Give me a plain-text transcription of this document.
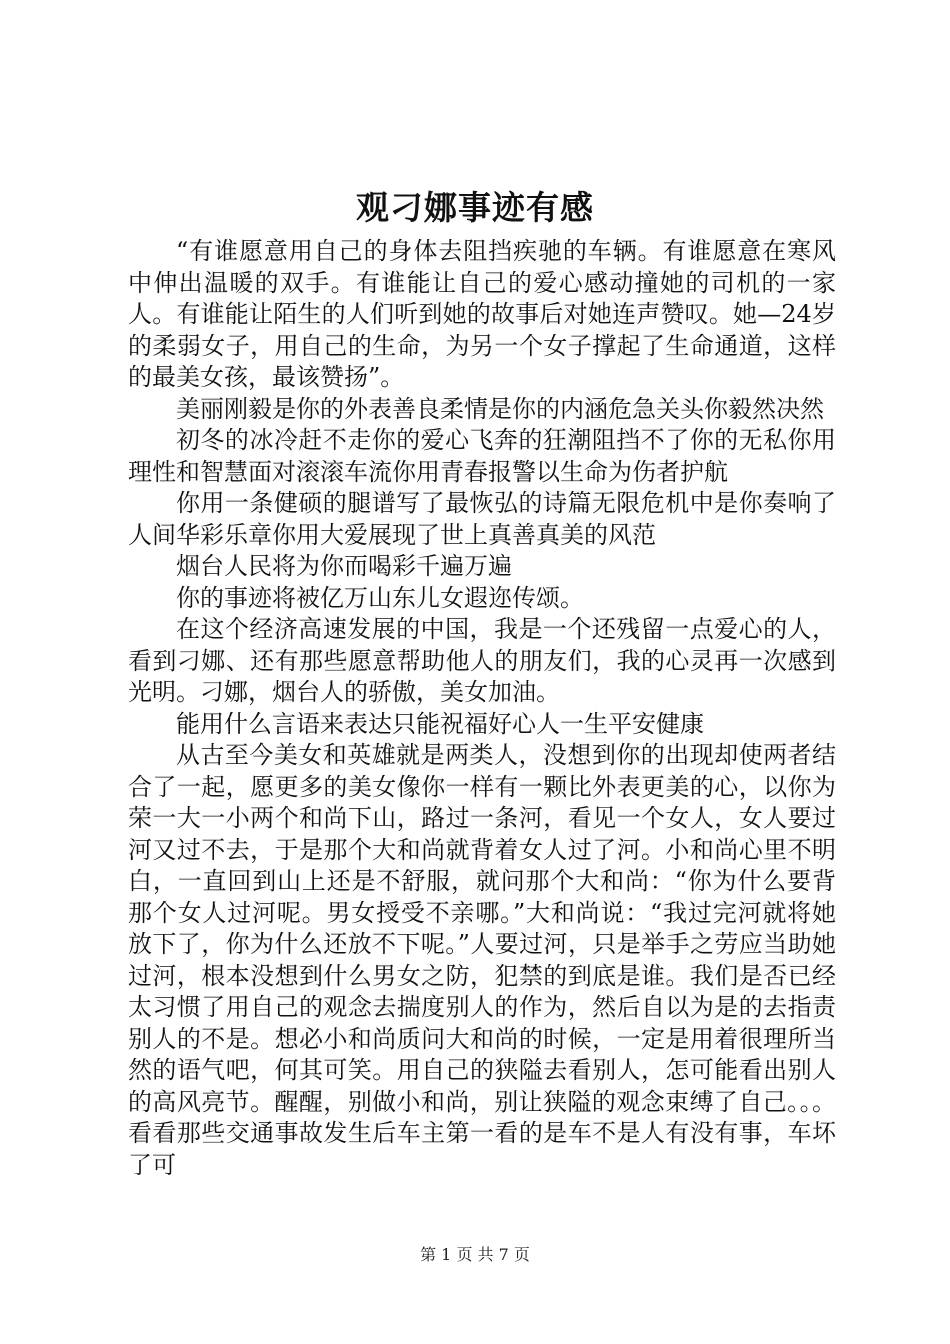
观刁娜事迹有感

“有谁愿意用自己的身体去阻挡疾驰的车辆。有谁愿意在寒风中伸出温暖的双手。有谁能让自己的爱心感动撞她的司机的一家人。有谁能让陌生的人们听到她的故事后对她连声赞叹。她—24岁的柔弱女子，用自己的生命，为另一个女子撑起了生命通道，这样的最美女孩，最该赞扬”。

美丽刚毅是你的外表善良柔情是你的内涵危急关头你毅然决然

初冬的冰冷赶不走你的爱心飞奔的狂潮阻挡不了你的无私你用理性和智慧面对滚滚车流你用青春报警以生命为伤者护航

你用一条健硕的腿谱写了最恢弘的诗篇无限危机中是你奏响了人间华彩乐章你用大爱展现了世上真善真美的风范

烟台人民将为你而喝彩千遍万遍

你的事迹将被亿万山东儿女遐迩传颂。

在这个经济高速发展的中国，我是一个还残留一点爱心的人，看到刁娜、还有那些愿意帮助他人的朋友们，我的心灵再一次感到光明。刁娜，烟台人的骄傲，美女加油。

能用什么言语来表达只能祝福好心人一生平安健康

从古至今美女和英雄就是两类人，没想到你的出现却使两者结合了一起，愿更多的美女像你一样有一颗比外表更美的心，以你为荣一大一小两个和尚下山，路过一条河，看见一个女人，女人要过河又过不去，于是那个大和尚就背着女人过了河。小和尚心里不明白，一直回到山上还是不舒服，就问那个大和尚：“你为什么要背那个女人过河呢。男女授受不亲哪。”大和尚说：“我过完河就将她放下了，你为什么还放不下呢。”人要过河，只是举手之劳应当助她过河，根本没想到什么男女之防，犯禁的到底是谁。我们是否已经太习惯了用自己的观念去揣度别人的作为，然后自以为是的去指责别人的不是。想必小和尚质问大和尚的时候，一定是用着很理所当然的语气吧，何其可笑。用自己的狭隘去看别人，怎可能看出别人的高风亮节。醒醒，别做小和尚，别让狭隘的观念束缚了自己。。。看看那些交通事故发生后车主第一看的是车不是人有没有事，车坏了可

第 1 页 共 7 页
